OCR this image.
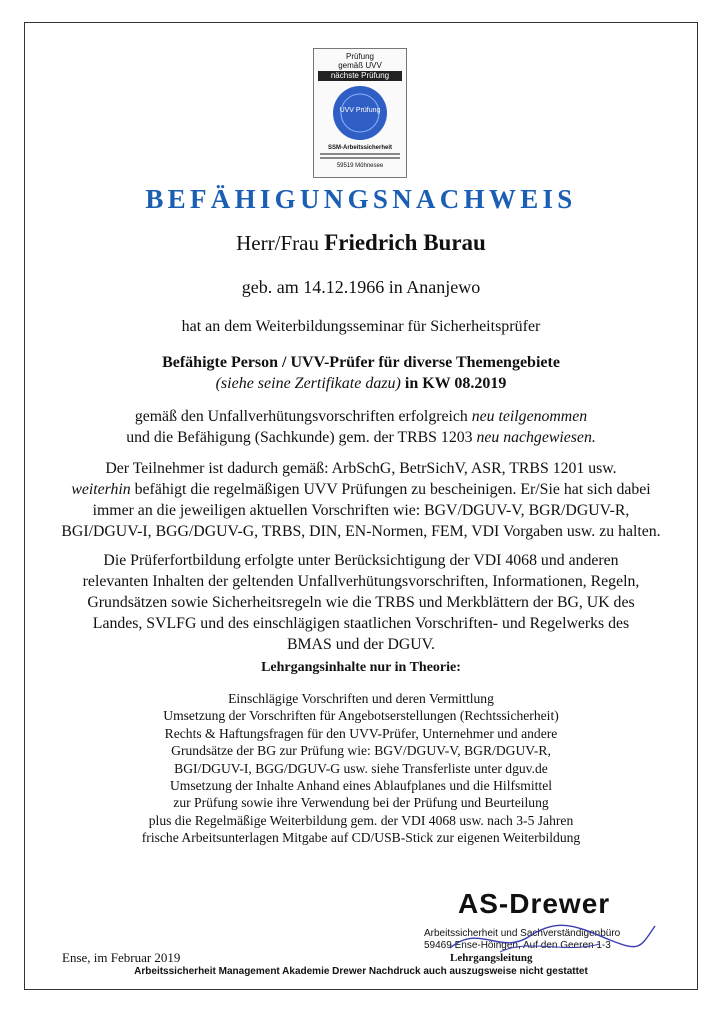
Prüfung
gemäß UVV
nächste Prüfung
UVV Prüfung
SSM-Arbeitssicherheit
59519 Möhnesee
BEFÄHIGUNGSNACHWEIS
Herr/Frau Friedrich Burau
geb. am 14.12.1966 in Ananjewo
hat an dem Weiterbildungsseminar für Sicherheitsprüfer
Befähigte Person / UVV-Prüfer für diverse Themengebiete
(siehe seine Zertifikate dazu) in KW 08.2019
gemäß den Unfallverhütungsvorschriften erfolgreich neu teilgenommen
und die Befähigung (Sachkunde) gem. der TRBS 1203 neu nachgewiesen.
Der Teilnehmer ist dadurch gemäß: ArbSchG, BetrSichV, ASR, TRBS 1201 usw.
weiterhin befähigt die regelmäßigen UVV Prüfungen zu bescheinigen. Er/Sie hat sich dabei
immer an die jeweiligen aktuellen Vorschriften wie: BGV/DGUV-V, BGR/DGUV-R,
BGI/DGUV-I, BGG/DGUV-G, TRBS, DIN, EN-Normen, FEM, VDI Vorgaben usw. zu halten.
Die Prüferfortbildung erfolgte unter Berücksichtigung der VDI 4068 und anderen
relevanten Inhalten der geltenden Unfallverhütungsvorschriften, Informationen, Regeln,
Grundsätzen sowie Sicherheitsregeln wie die TRBS und Merkblättern der BG, UK des
Landes, SVLFG und des einschlägigen staatlichen Vorschriften- und Regelwerks des
BMAS und der DGUV.
Lehrgangsinhalte nur in Theorie:
Einschlägige Vorschriften und deren Vermittlung
Umsetzung der Vorschriften für Angebotserstellungen (Rechtssicherheit)
Rechts & Haftungsfragen für den UVV-Prüfer, Unternehmer und andere
Grundsätze der BG zur Prüfung wie: BGV/DGUV-V, BGR/DGUV-R,
BGI/DGUV-I, BGG/DGUV-G usw. siehe Transferliste unter dguv.de
Umsetzung der Inhalte Anhand eines Ablaufplanes und die Hilfsmittel
zur Prüfung sowie ihre Verwendung bei der Prüfung und Beurteilung
plus die Regelmäßige Weiterbildung gem. der VDI 4068 usw. nach 3-5 Jahren
frische Arbeitsunterlagen Mitgabe auf CD/USB-Stick zur eigenen Weiterbildung
AS-Drewer
Arbeitssicherheit und Sachverständigenbüro
59469 Ense-Höingen, Auf den Geeren 1-3
Lehrgangsleitung
Ense, im Februar 2019
Arbeitssicherheit Management Akademie Drewer Nachdruck auch auszugsweise nicht gestattet
